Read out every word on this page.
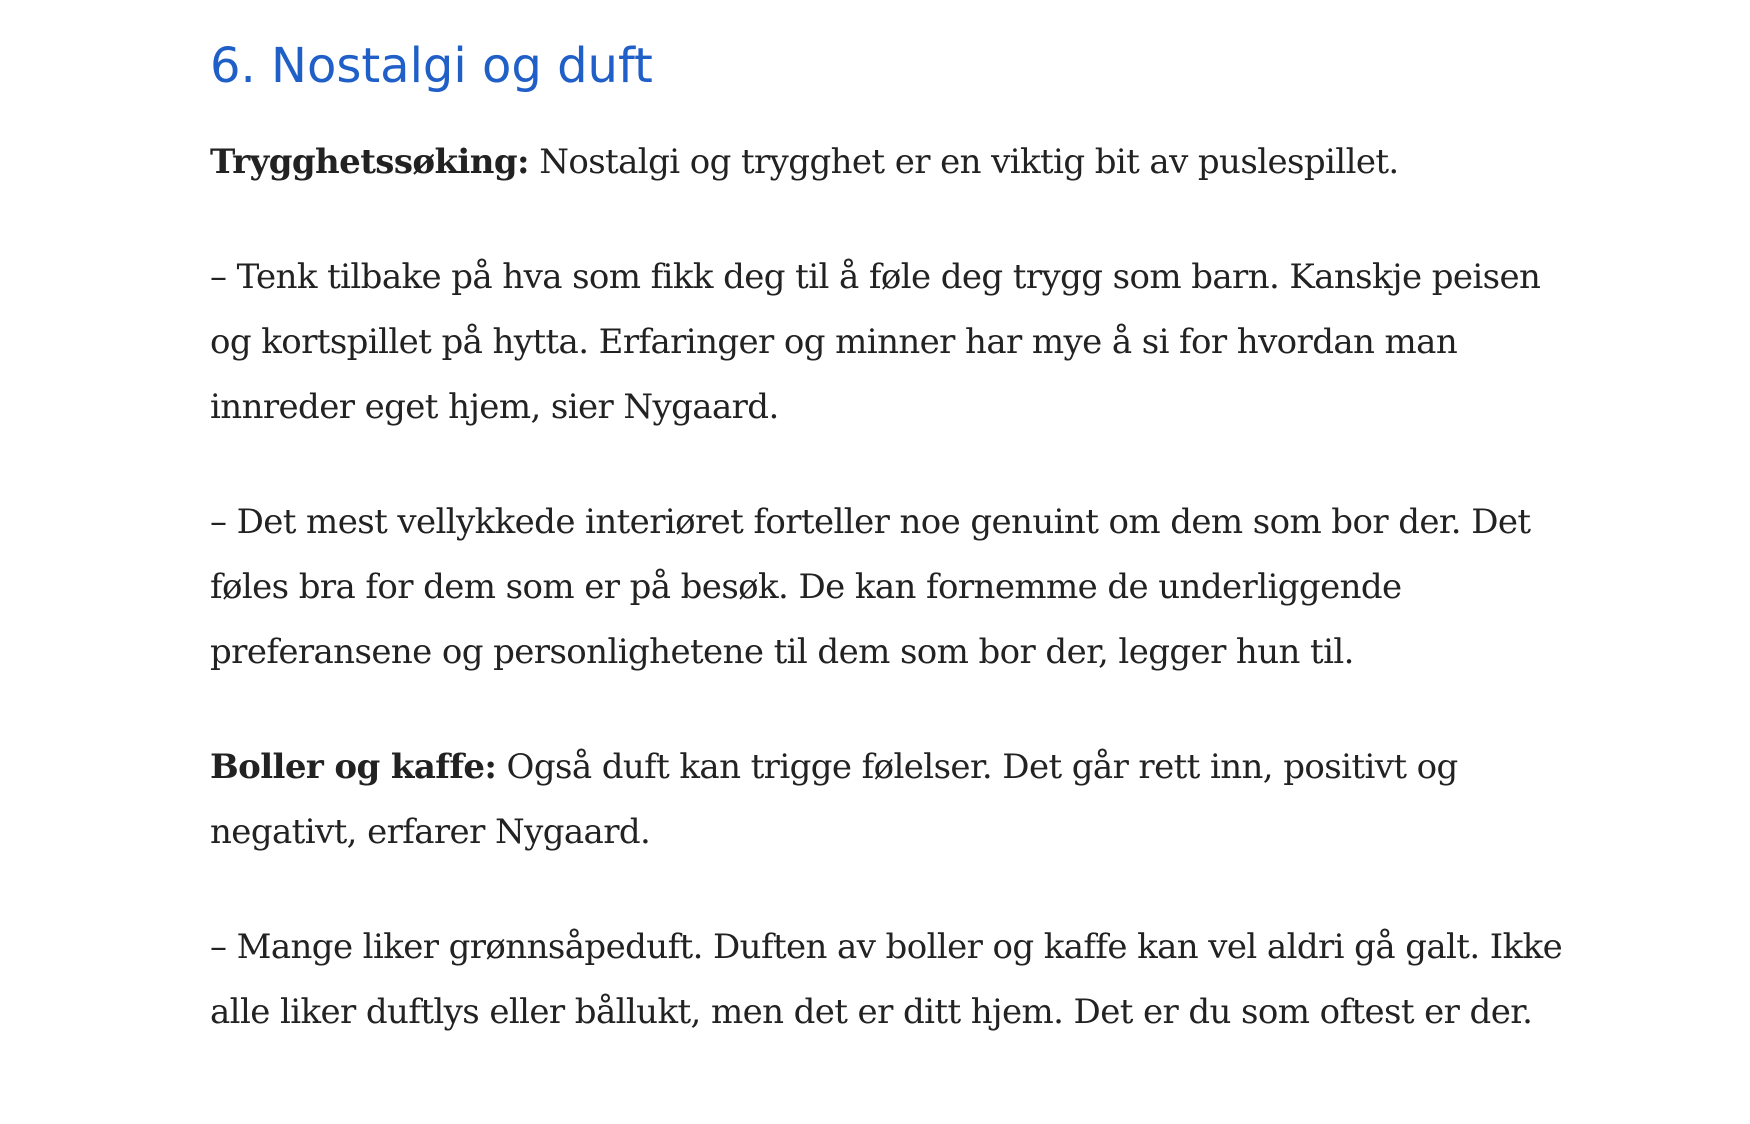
6. Nostalgi og duft

Trygghetssøking: Nostalgi og trygghet er en viktig bit av puslespillet.

– Tenk tilbake på hva som fikk deg til å føle deg trygg som barn. Kanskje peisen og kortspillet på hytta. Erfaringer og minner har mye å si for hvordan man innreder eget hjem, sier Nygaard.

– Det mest vellykkede interiøret forteller noe genuint om dem som bor der. Det føles bra for dem som er på besøk. De kan fornemme de underliggende preferansene og personlighetene til dem som bor der, legger hun til.

Boller og kaffe: Også duft kan trigge følelser. Det går rett inn, positivt og negativt, erfarer Nygaard.

– Mange liker grønnsåpeduft. Duften av boller og kaffe kan vel aldri gå galt. Ikke alle liker duftlys eller bållukt, men det er ditt hjem. Det er du som oftest er der.
